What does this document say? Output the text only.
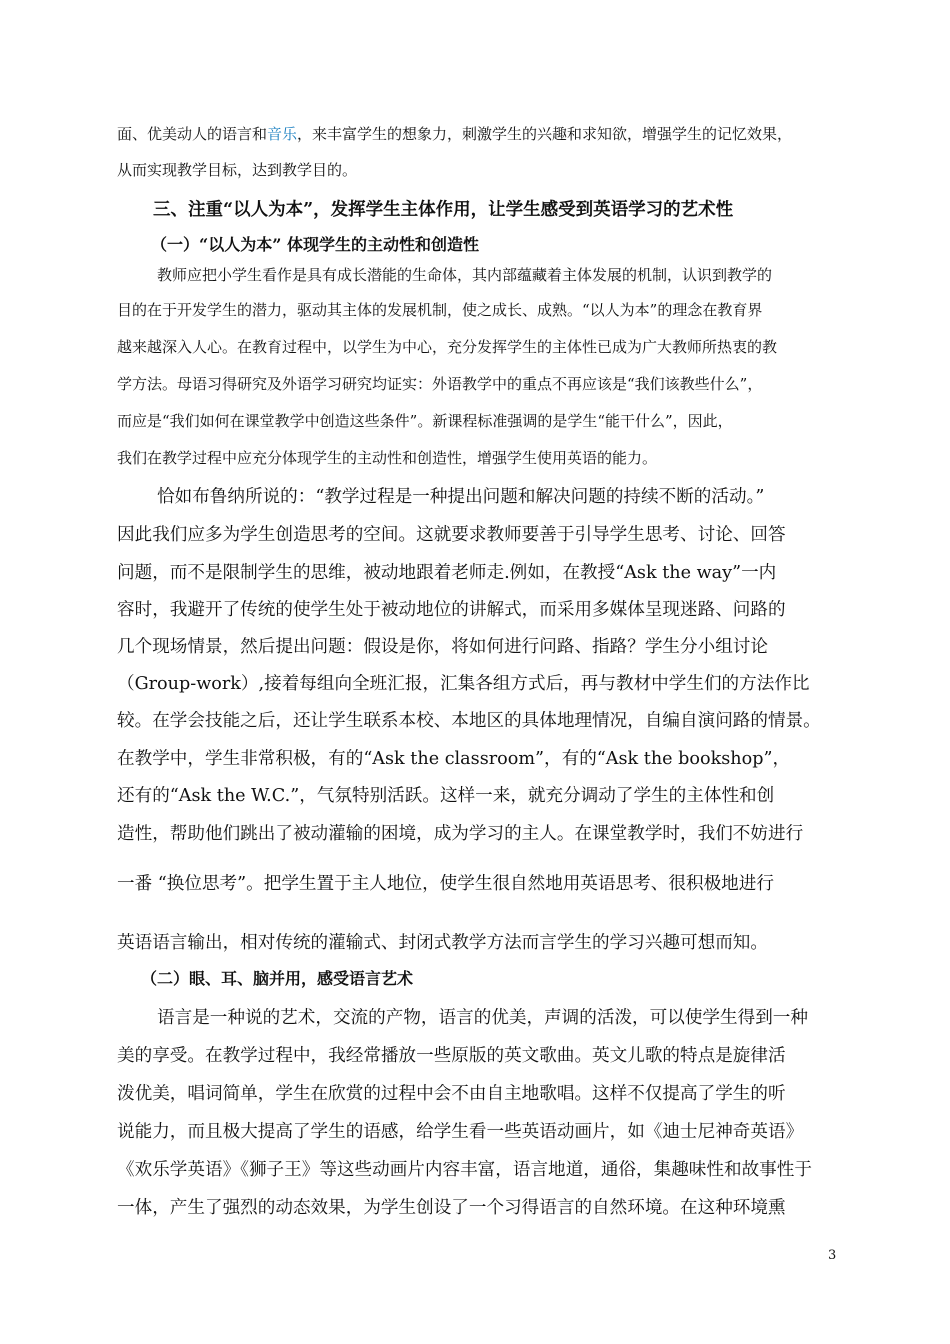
面、优美动人的语言和音乐，来丰富学生的想象力，刺激学生的兴趣和求知欲，增强学生的记忆效果，

从而实现教学目标，达到教学目的。

三、注重“以人为本”，发挥学生主体作用，让学生感受到英语学习的艺术性
（一）“以人为本” 体现学生的主动性和创造性

教师应把小学生看作是具有成长潜能的生命体，其内部蕴藏着主体发展的机制，认识到教学的

目的在于开发学生的潜力，驱动其主体的发展机制，使之成长、成熟。“以人为本”的理念在教育界

越来越深入人心。在教育过程中，以学生为中心，充分发挥学生的主体性已成为广大教师所热衷的教

学方法。母语习得研究及外语学习研究均证实：外语教学中的重点不再应该是“我们该教些什么”，

而应是“我们如何在课堂教学中创造这些条件”。新课程标准强调的是学生“能干什么”，因此，

我们在教学过程中应充分体现学生的主动性和创造性，增强学生使用英语的能力。

恰如布鲁纳所说的：“教学过程是一种提出问题和解决问题的持续不断的活动。”

因此我们应多为学生创造思考的空间。这就要求教师要善于引导学生思考、讨论、回答

问题，而不是限制学生的思维，被动地跟着老师走.例如，在教授“Ask the way”一内

容时，我避开了传统的使学生处于被动地位的讲解式，而采用多媒体呈现迷路、问路的

几个现场情景，然后提出问题：假设是你，将如何进行问路、指路？学生分小组讨论

（Group-work）,接着每组向全班汇报，汇集各组方式后，再与教材中学生们的方法作比

较。在学会技能之后，还让学生联系本校、本地区的具体地理情况，自编自演问路的情景。

在教学中，学生非常积极，有的“Ask the classroom”，有的“Ask the bookshop”，

还有的“Ask the W.C.”，气氛特别活跃。这样一来，就充分调动了学生的主体性和创

造性，帮助他们跳出了被动灌输的困境，成为学习的主人。在课堂教学时，我们不妨进行

一番 “换位思考”。把学生置于主人地位，使学生很自然地用英语思考、很积极地进行

英语语言输出，相对传统的灌输式、封闭式教学方法而言学生的学习兴趣可想而知。

（二）眼、耳、脑并用，感受语言艺术

语言是一种说的艺术，交流的产物，语言的优美，声调的活泼，可以使学生得到一种

美的享受。在教学过程中，我经常播放一些原版的英文歌曲。英文儿歌的特点是旋律活

泼优美，唱词简单，学生在欣赏的过程中会不由自主地歌唱。这样不仅提高了学生的听

说能力，而且极大提高了学生的语感，给学生看一些英语动画片，如《迪士尼神奇英语》

《欢乐学英语》《狮子王》等这些动画片内容丰富，语言地道，通俗，集趣味性和故事性于

一体，产生了强烈的动态效果，为学生创设了一个习得语言的自然环境。在这种环境熏

3
